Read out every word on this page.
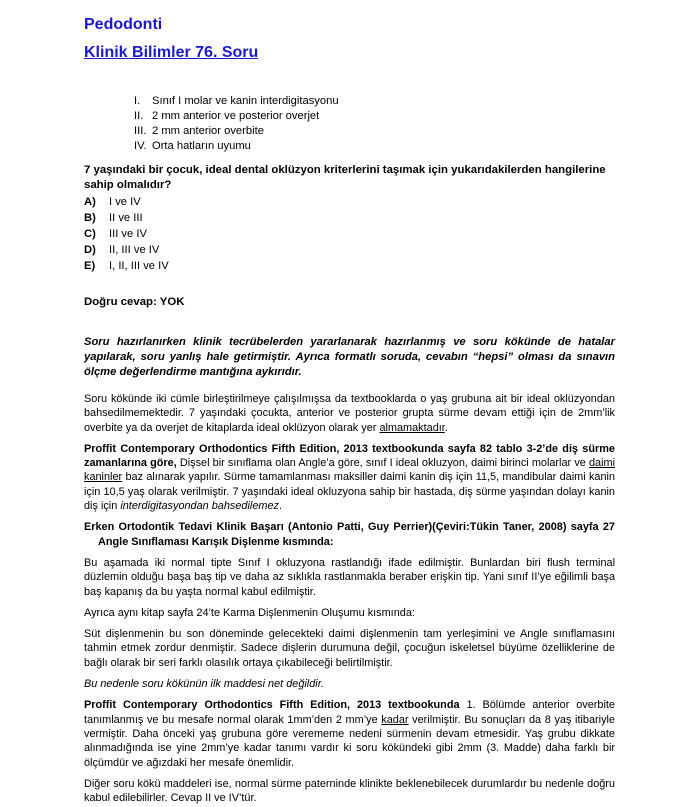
Pedodonti
Klinik Bilimler 76. Soru
I. Sınıf I molar ve kanin interdigitasyonu
II. 2 mm anterior ve posterior overjet
III. 2 mm anterior overbite
IV. Orta hatların uyumu
7 yaşındaki bir çocuk, ideal dental oklüzyon kriterlerini taşımak için yukarıdakilerden hangilerine sahip olmalıdır?
A) I ve IV
B) II ve III
C) III ve IV
D) II, III ve IV
E) I, II, III ve IV
Doğru cevap: YOK
Soru hazırlanırken klinik tecrübelerden yararlanarak hazırlanmış ve soru kökünde de hatalar yapılarak, soru yanlış hale getirmiştir. Ayrıca formatlı soruda, cevabın “hepsi” olması da sınavın ölçme değerlendirme mantığına aykırıdır.

Soru kökünde iki cümle birleştirilmeye çalışılmışsa da textbooklarda o yaş grubuna ait bir ideal oklüzyondan bahsedilmemektedir. 7 yaşındaki çocukta, anterior ve posterior grupta sürme devam ettiği için de 2mm’lik overbite ya da overjet de kitaplarda ideal oklüzyon olarak yer almamaktadır.

Proffit Contemporary Orthodontics Fifth Edition, 2013 textbookunda sayfa 82 tablo 3-2’de diş sürme zamanlarına göre, Dişsel bir sınıflama olan Angle’a göre, sınıf I ideal okluzyon, daimi birinci molarlar ve daimi kaninler baz alınarak yapılır. Sürme tamamlanması maksiller daimi kanin diş için 11,5, mandibular daimi kanin için 10,5 yaş olarak verilmiştir. 7 yaşındaki ideal okluzyona sahip bir hastada, diş sürme yaşından dolayı kanin diş için interdigitasyondan bahsedilemez.

Erken Ortodontik Tedavi Klinik Başarı (Antonio Patti, Guy Perrier)(Çeviri:Tükin Taner, 2008) sayfa 27 Angle Sınıflaması Karışık Dişlenme kısmında:

Bu aşamada iki normal tipte Sınıf I okluzyona rastlandığı ifade edilmiştir. Bunlardan biri flush terminal düzlemin olduğu başa baş tip ve daha az sıklıkla rastlanmakla beraber erişkin tip. Yani sınıf II’ye eğilimli başa baş kapanış da bu yaşta normal kabul edilmiştir.

Ayrıca aynı kitap sayfa 24’te Karma Dişlenmenin Oluşumu kısmında:

Süt dişlenmenin bu son döneminde gelecekteki daimi dişlenmenin tam yerleşimini ve Angle sınıflamasını tahmin etmek zordur denmiştir. Sadece dişlerin durumuna değil, çocuğun iskeletsel büyüme özelliklerine de bağlı olarak bir seri farklı olasılık ortaya çıkabileceği belirtilmiştir.

Bu nedenle soru kökünün ilk maddesi net değildir.

Proffit Contemporary Orthodontics Fifth Edition, 2013 textbookunda 1. Bölümde anterior overbite tanımlanmış ve bu mesafe normal olarak 1mm’den 2 mm’ye kadar verilmiştir. Bu sonuçları da 8 yaş itibariyle vermiştir. Daha önceki yaş grubuna göre verememe nedeni sürmenin devam etmesidir. Yaş grubu dikkate alınmadığında ise yine 2mm’ye kadar tanımı vardır ki soru kökündeki gibi 2mm (3. Madde) daha farklı bir ölçümdür ve ağızdaki her mesafe önemlidir.

Diğer soru kökü maddeleri ise, normal sürme paterninde klinikte beklenebilecek durumlardır bu nedenle doğru kabul edilebilirler. Cevap II ve IV’tür.
